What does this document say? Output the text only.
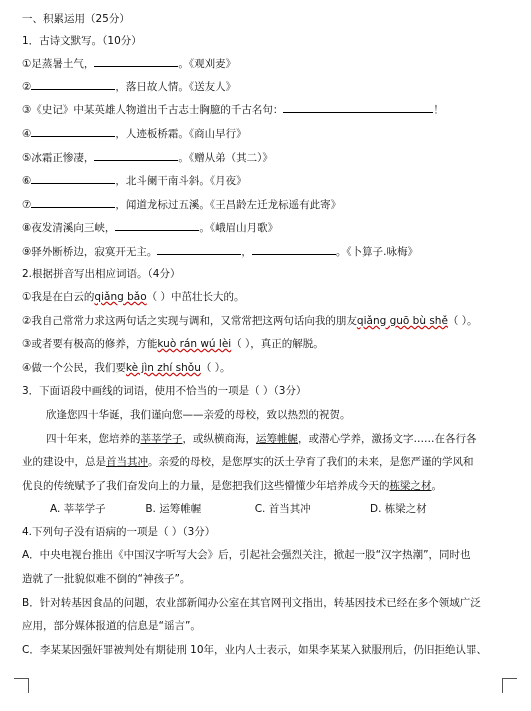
一、积累运用（25分）
1．古诗文默写。（10分）
①足蒸暑土气，	。《观刈麦》
②	，落日故人情。《送友人》
③《史记》中某英雄人物道出千古志士胸臆的千古名句：	！
④	，人迹板桥霜。《商山早行》
⑤冰霜正惨凄，	。《赠从弟（其二）》
⑥	，北斗阑干南斗斜。《月夜》
⑦	，闻道龙标过五溪。《王昌龄左迁龙标遥有此寄》
⑧夜发清溪向三峡，	。《峨眉山月歌》
⑨驿外断桥边，寂寞开无主。	，	。《卜算子.咏梅》
2.根据拼音写出相应词语。（4分）
①我是在白云的qiǎng bǎo（ ）中茁壮长大的。
②我自己常常力求这两句话之实现与调和，又常常把这两句话向我的朋友qiǎng guō bù shě（ ）。
③或者要有极高的修养，方能kuò rán wú lèi（ ），真正的解脱。
④做一个公民，我们要kè jìn zhí shǒu（ ）。
3．下面语段中画线的词语，使用不恰当的一项是（ ）（3分）
欣逢您四十华诞，我们谨向您——亲爱的母校，致以热烈的祝贺。
四十年来，您培养的莘莘学子，或纵横商海，运筹帷幄，或潜心学养，激扬文字……在各行各
业的建设中，总是首当其冲。亲爱的母校，是您厚实的沃土孕育了我们的未来，是您严谨的学风和
优良的传统赋予了我们奋发向上的力量，是您把我们这些懵懂少年培养成今天的栋梁之材。
A. 莘莘学子	B. 运筹帷幄	C. 首当其冲	D. 栋梁之材
4.下列句子没有语病的一项是（ ）（3分）
A．中央电视台推出《中国汉字听写大会》后，引起社会强烈关注，掀起一股“汉字热潮”，同时也
造就了一批貌似难不倒的“神孩子”。
B．针对转基因食品的问题，农业部新闻办公室在其官网刊文指出，转基因技术已经在多个领域广泛
应用，部分媒体报道的信息是“谣言”。
C．李某某因强奸罪被判处有期徒刑 10年，业内人士表示，如果李某某入狱服刑后，仍旧拒绝认罪、
